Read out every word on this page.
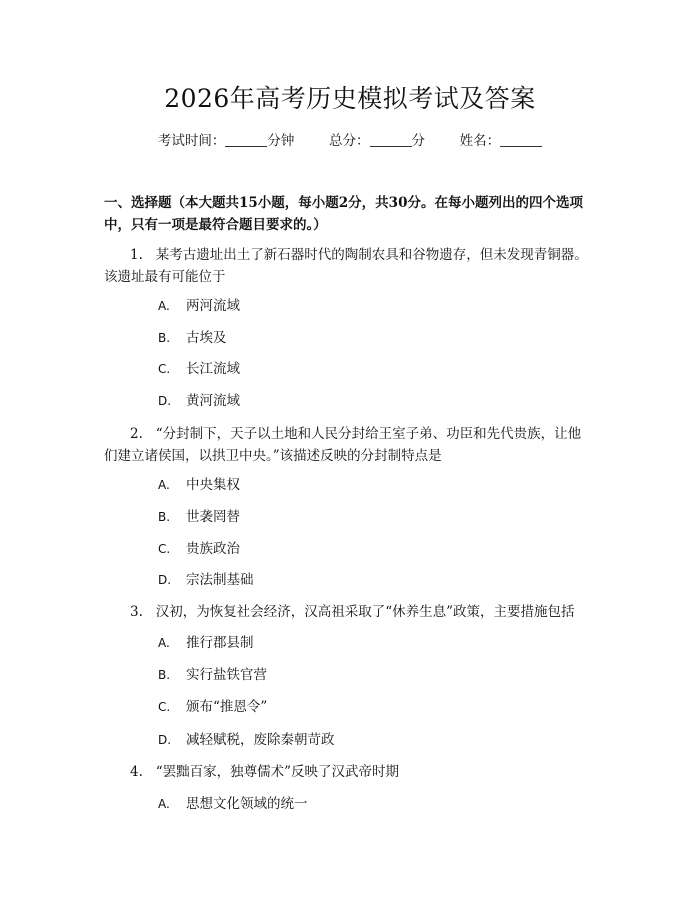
2026年高考历史模拟考试及答案
考试时间：	分钟	总分：	分	姓名：
一、选择题（本大题共15小题，每小题2分，共30分。在每小题列出的四个选项中，只有一项是最符合题目要求的。）
1.   某考古遗址出土了新石器时代的陶制农具和谷物遗存，但未发现青铜器。
该遗址最有可能位于
A. 两河流域
B. 古埃及
C. 长江流域
D. 黄河流域
2.   “分封制下，天子以土地和人民分封给王室子弟、功臣和先代贵族，让他
们建立诸侯国，以拱卫中央。”该描述反映的分封制特点是
A. 中央集权
B. 世袭罔替
C. 贵族政治
D. 宗法制基础
3.   汉初，为恢复社会经济，汉高祖采取了“休养生息”政策，主要措施包括
A. 推行郡县制
B. 实行盐铁官营
C. 颁布“推恩令”
D. 减轻赋税，废除秦朝苛政
4.   “罢黜百家，独尊儒术”反映了汉武帝时期
A. 思想文化领域的统一
